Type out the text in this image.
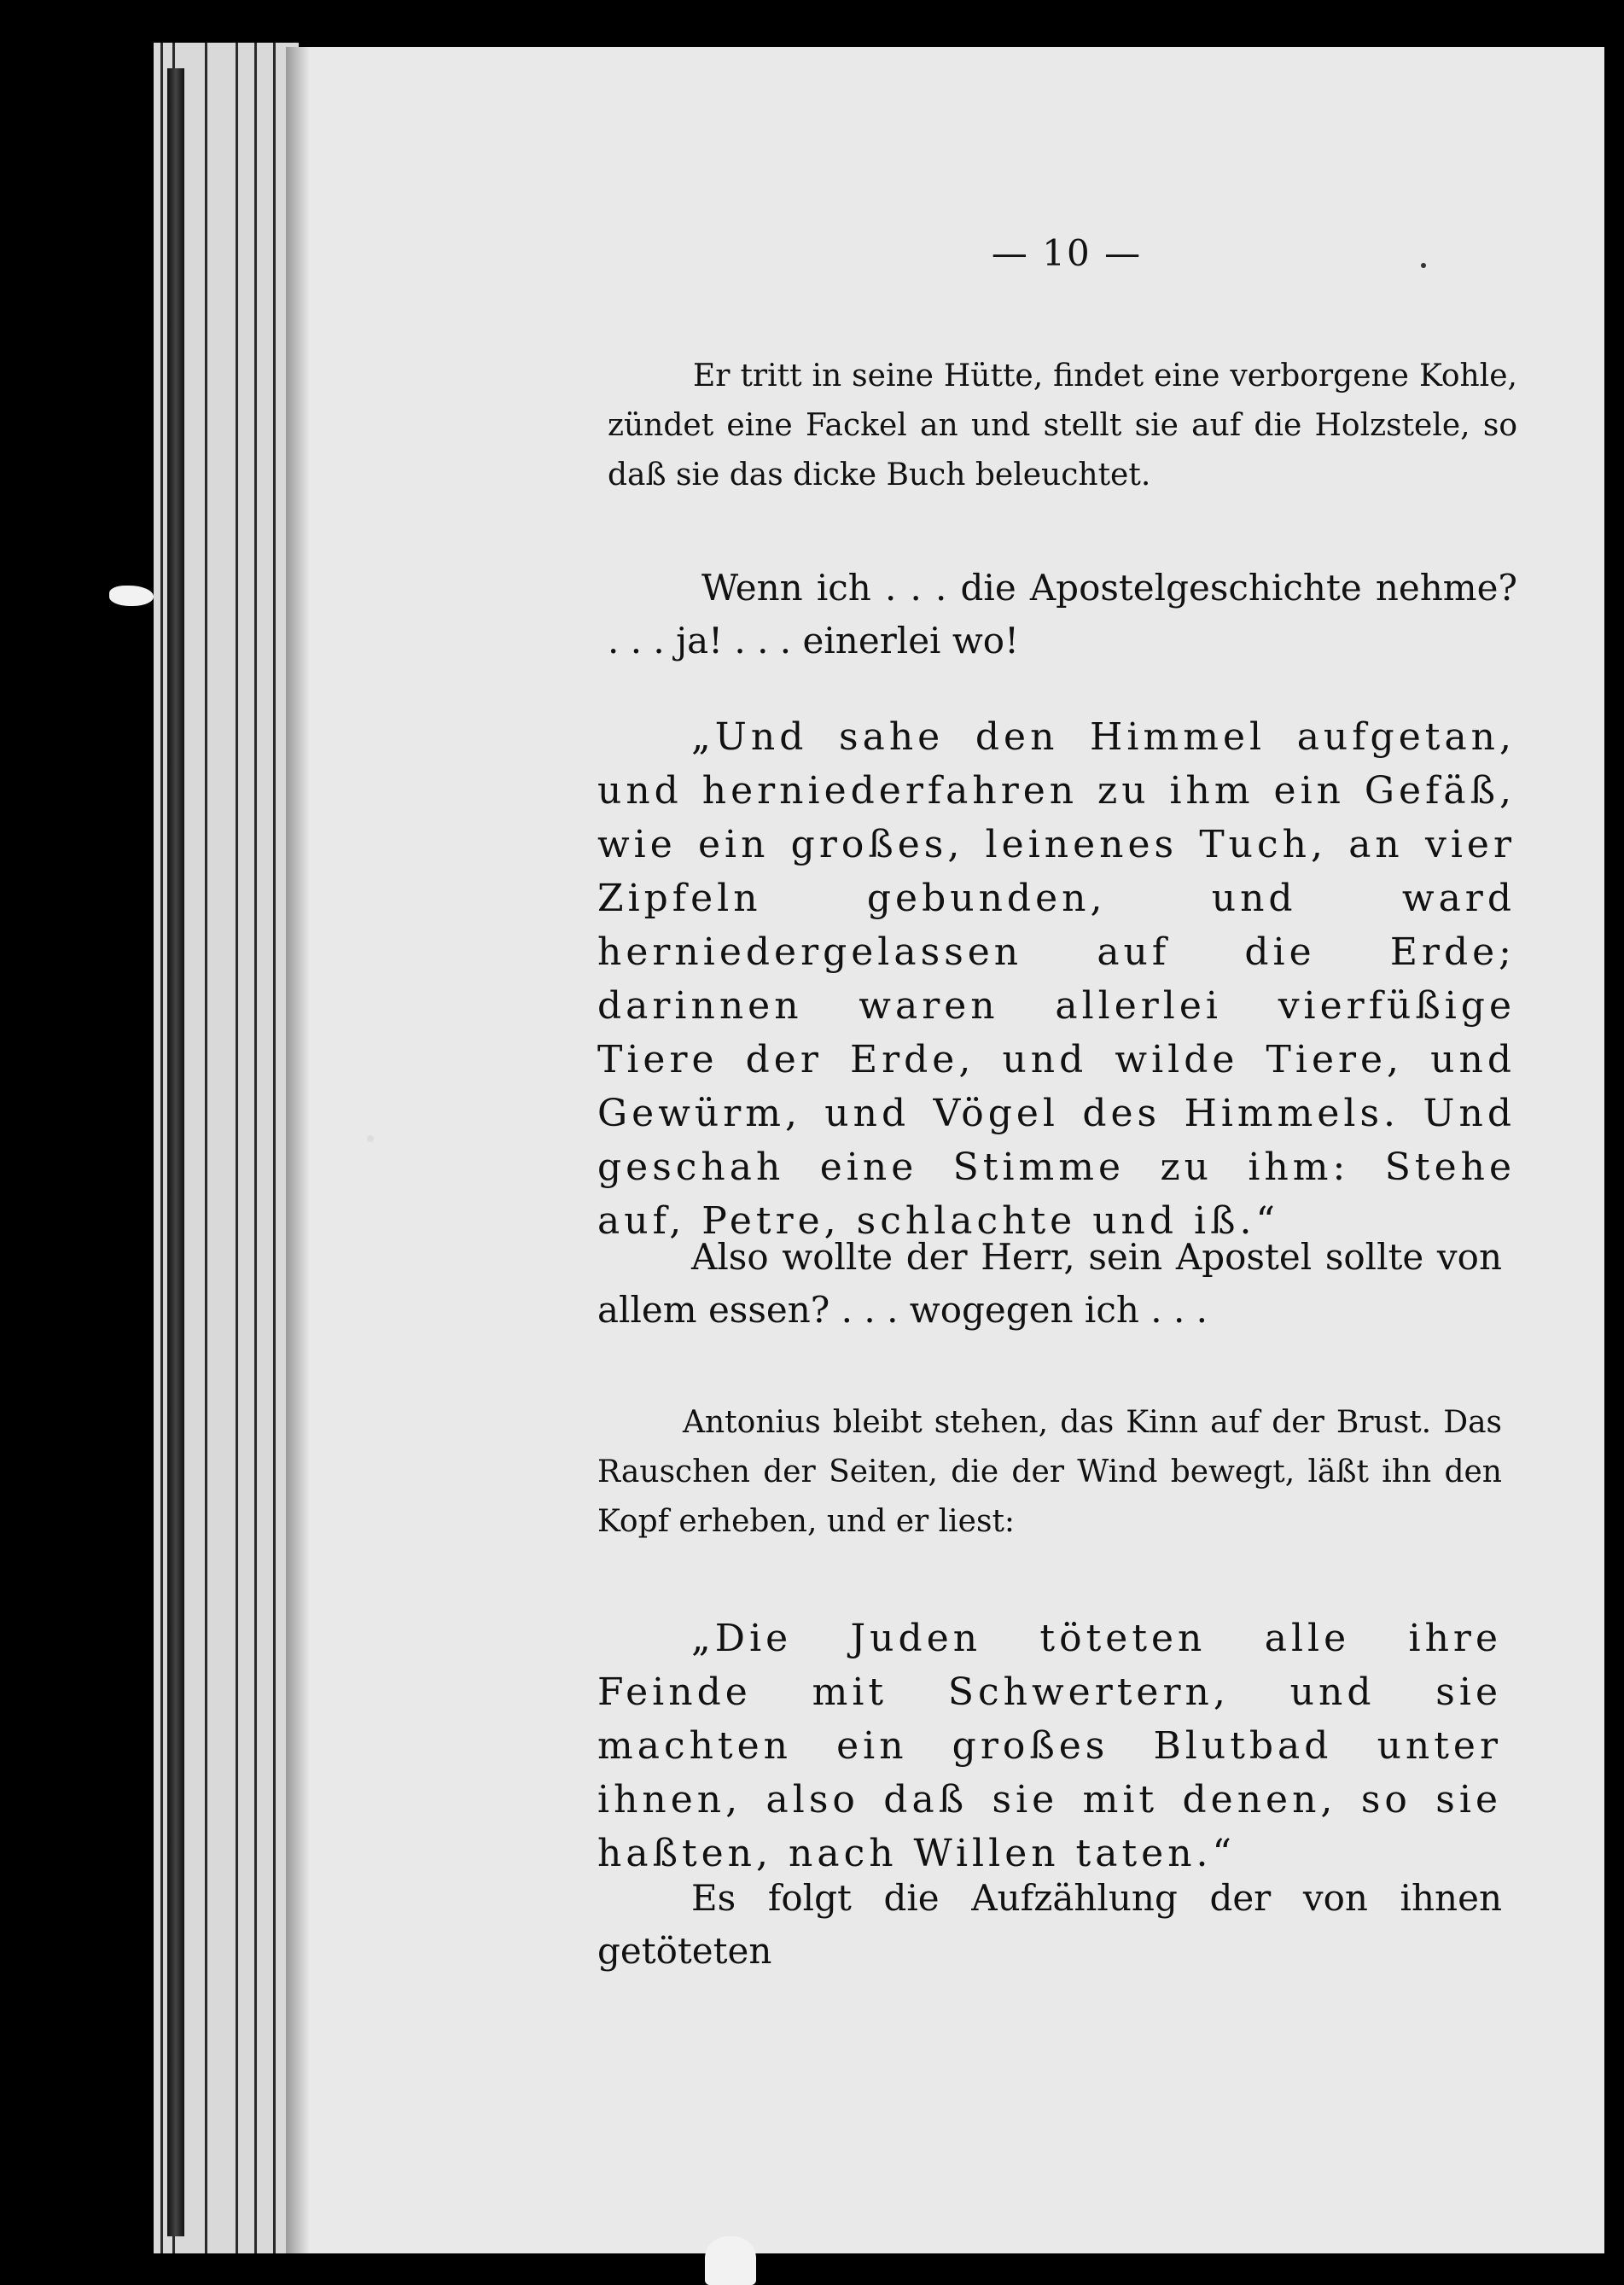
— 10 —

Er tritt in seine Hütte, findet eine verborgene Kohle, zündet eine Fackel an und stellt sie auf die Holzstele, so daß sie das dicke Buch beleuchtet.

Wenn ich . . . die Apostelgeschichte nehme? . . . ja! . . . einerlei wo!

„Und sahe den Himmel aufgetan, und herniederfahren zu ihm ein Gefäß, wie ein großes, leinenes Tuch, an vier Zipfeln gebunden, und ward herniedergelassen auf die Erde; darinnen waren allerlei vierfüßige Tiere der Erde, und wilde Tiere, und Gewürm, und Vögel des Himmels. Und geschah eine Stimme zu ihm: Stehe auf, Petre, schlachte und iß.“

Also wollte der Herr, sein Apostel sollte von allem essen? . . . wogegen ich . . .

Antonius bleibt stehen, das Kinn auf der Brust. Das Rauschen der Seiten, die der Wind bewegt, läßt ihn den Kopf erheben, und er liest:

„Die Juden töteten alle ihre Feinde mit Schwertern, und sie machten ein großes Blutbad unter ihnen, also daß sie mit denen, so sie haßten, nach Willen taten.“

Es folgt die Aufzählung der von ihnen getöteten
